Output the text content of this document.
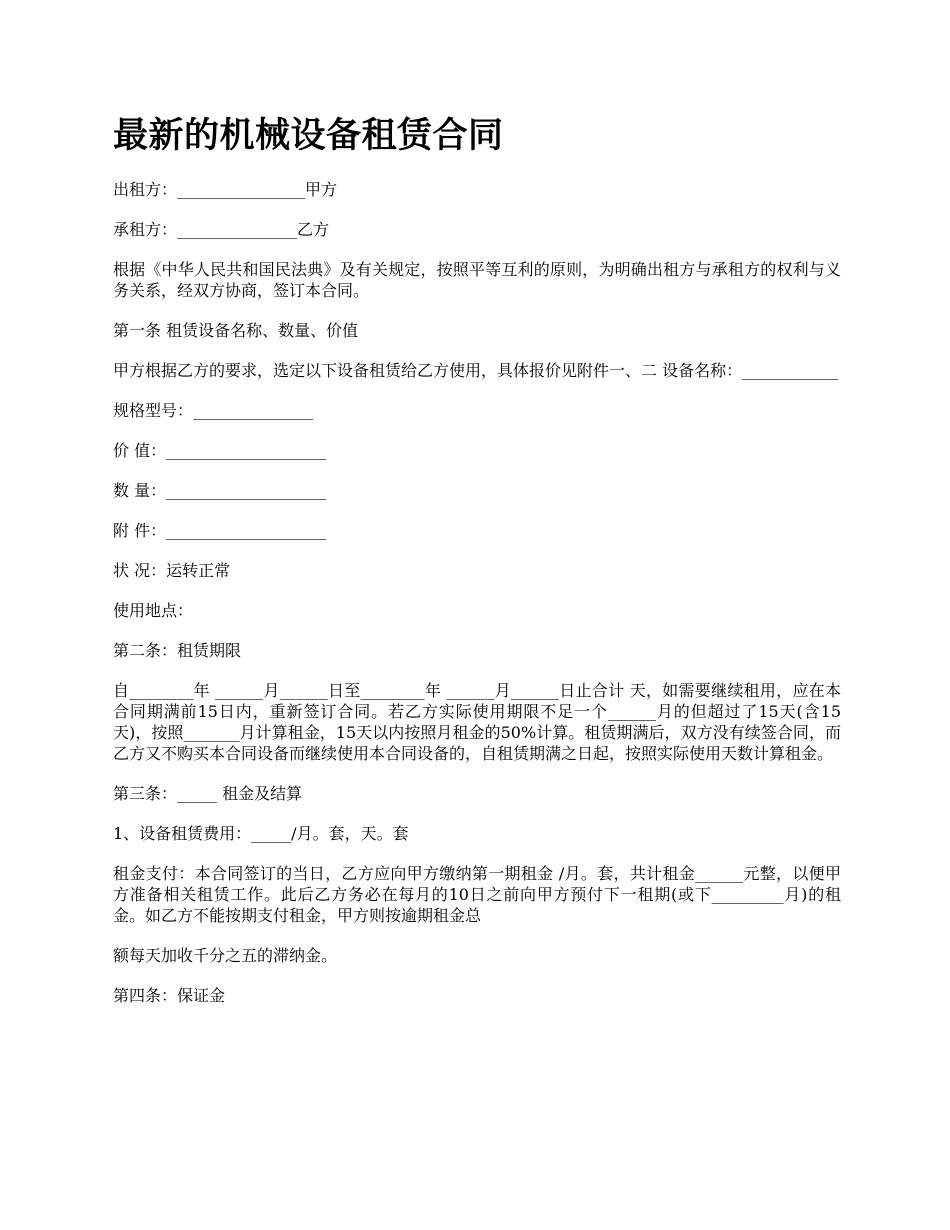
最新的机械设备租赁合同

出租方：________________甲方

承租方：_______________乙方

根据《中华人民共和国民法典》及有关规定，按照平等互利的原则，为明确出租方与承租方的权利与义务关系，经双方协商，签订本合同。

第一条 租赁设备名称、数量、价值

甲方根据乙方的要求，选定以下设备租赁给乙方使用，具体报价见附件一、二 设备名称：____________

规格型号：_______________

价 值：____________________

数 量：____________________

附 件：____________________

状 况：运转正常

使用地点：

第二条：租赁期限

自________年 ______月______日至________年 ______月______日止合计 天，如需要继续租用，应在本合同期满前15日内，重新签订合同。若乙方实际使用期限不足一个______月的但超过了15天(含15天)，按照_______月计算租金，15天以内按照月租金的50%计算。租赁期满后，双方没有续签合同，而乙方又不购买本合同设备而继续使用本合同设备的，自租赁期满之日起，按照实际使用天数计算租金。

第三条：_____ 租金及结算

1、设备租赁费用：_____/月。套，天。套

租金支付：本合同签订的当日，乙方应向甲方缴纳第一期租金 /月。套，共计租金______元整，以便甲方准备相关租赁工作。此后乙方务必在每月的10日之前向甲方预付下一租期(或下_________月)的租金。如乙方不能按期支付租金，甲方则按逾期租金总

额每天加收千分之五的滞纳金。

第四条：保证金
